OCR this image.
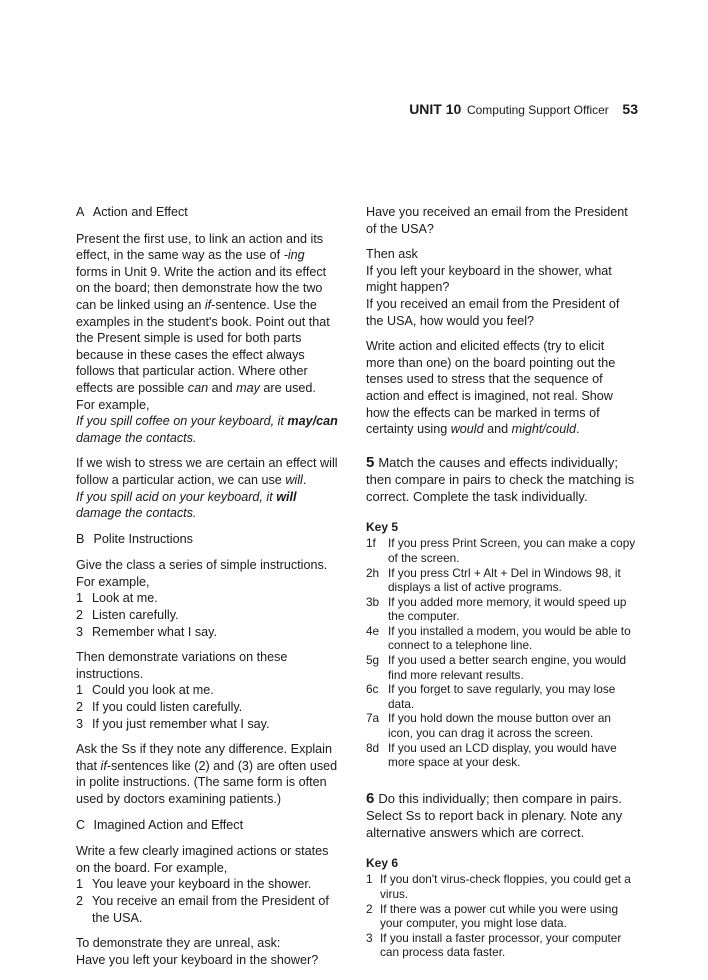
UNIT 10 Computing Support Officer 53
A Action and Effect

Present the first use, to link an action and its effect, in the same way as the use of -ing forms in Unit 9. Write the action and its effect on the board; then demonstrate how the two can be linked using an if-sentence. Use the examples in the student's book. Point out that the Present simple is used for both parts because in these cases the effect always follows that particular action. Where other effects are possible can and may are used. For example,
If you spill coffee on your keyboard, it may/can damage the contacts.

If we wish to stress we are certain an effect will follow a particular action, we can use will.
If you spill acid on your keyboard, it will damage the contacts.

B Polite Instructions

Give the class a series of simple instructions. For example,

1 Look at me.
2 Listen carefully.
3 Remember what I say.

Then demonstrate variations on these instructions.

1 Could you look at me.
2 If you could listen carefully.
3 If you just remember what I say.

Ask the Ss if they note any difference. Explain that if-sentences like (2) and (3) are often used in polite instructions. (The same form is often used by doctors examining patients.)

C Imagined Action and Effect

Write a few clearly imagined actions or states on the board. For example,

1 You leave your keyboard in the shower.
2 You receive an email from the President of the USA.

To demonstrate they are unreal, ask:
Have you left your keyboard in the shower?

Have you received an email from the President of the USA?

Then ask
If you left your keyboard in the shower, what might happen?
If you received an email from the President of the USA, how would you feel?

Write action and elicited effects (try to elicit more than one) on the board pointing out the tenses used to stress that the sequence of action and effect is imagined, not real. Show how the effects can be marked in terms of certainty using would and might/could.

5 Match the causes and effects individually; then compare in pairs to check the matching is correct. Complete the task individually.

Key 5
1f If you press Print Screen, you can make a copy of the screen.
2h If you press Ctrl + Alt + Del in Windows 98, it displays a list of active programs.
3b If you added more memory, it would speed up the computer.
4e If you installed a modem, you would be able to connect to a telephone line.
5g If you used a better search engine, you would find more relevant results.
6c If you forget to save regularly, you may lose data.
7a If you hold down the mouse button over an icon, you can drag it across the screen.
8d If you used an LCD display, you would have more space at your desk.

6 Do this individually; then compare in pairs. Select Ss to report back in plenary. Note any alternative answers which are correct.

Key 6
1 If you don't virus-check floppies, you could get a virus.
2 If there was a power cut while you were using your computer, you might lose data.
3 If you install a faster processor, your computer can process data faster.
